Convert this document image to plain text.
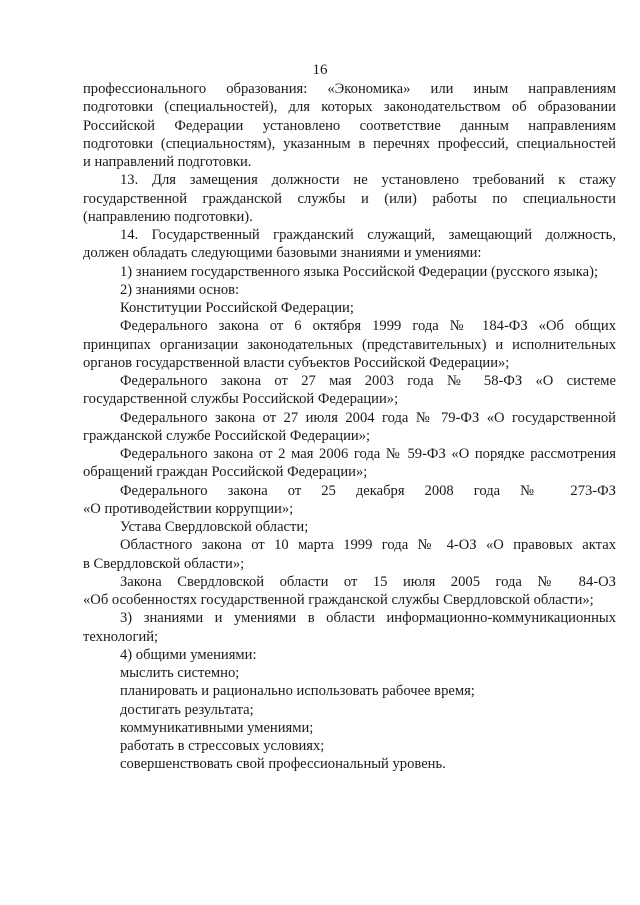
16
профессионального образования: «Экономика» или иным направлениям
подготовки (специальностей), для которых законодательством об образовании
Российской Федерации установлено соответствие данным направлениям
подготовки (специальностям), указанным в перечнях профессий, специальностей
и направлений подготовки.
13. Для замещения должности не установлено требований к стажу
государственной гражданской службы и (или) работы по специальности
(направлению подготовки).
14. Государственный гражданский служащий, замещающий должность,
должен обладать следующими базовыми знаниями и умениями:
1) знанием государственного языка Российской Федерации (русского языка);
2) знаниями основ:
Конституции Российской Федерации;
Федерального закона от 6 октября 1999 года № 184-ФЗ «Об общих
принципах организации законодательных (представительных) и исполнительных
органов государственной власти субъектов Российской Федерации»;
Федерального закона от 27 мая 2003 года № 58-ФЗ «О системе
государственной службы Российской Федерации»;
Федерального закона от 27 июля 2004 года № 79-ФЗ «О государственной
гражданской службе Российской Федерации»;
Федерального закона от 2 мая 2006 года № 59-ФЗ «О порядке рассмотрения
обращений граждан Российской Федерации»;
Федерального закона от 25 декабря 2008 года № 273-ФЗ
«О противодействии коррупции»;
Устава Свердловской области;
Областного закона от 10 марта 1999 года № 4-ОЗ «О правовых актах
в Свердловской области»;
Закона Свердловской области от 15 июля 2005 года № 84-ОЗ
«Об особенностях государственной гражданской службы Свердловской области»;
3) знаниями и умениями в области информационно-коммуникационных
технологий;
4) общими умениями:
мыслить системно;
планировать и рационально использовать рабочее время;
достигать результата;
коммуникативными умениями;
работать в стрессовых условиях;
совершенствовать свой профессиональный уровень.
